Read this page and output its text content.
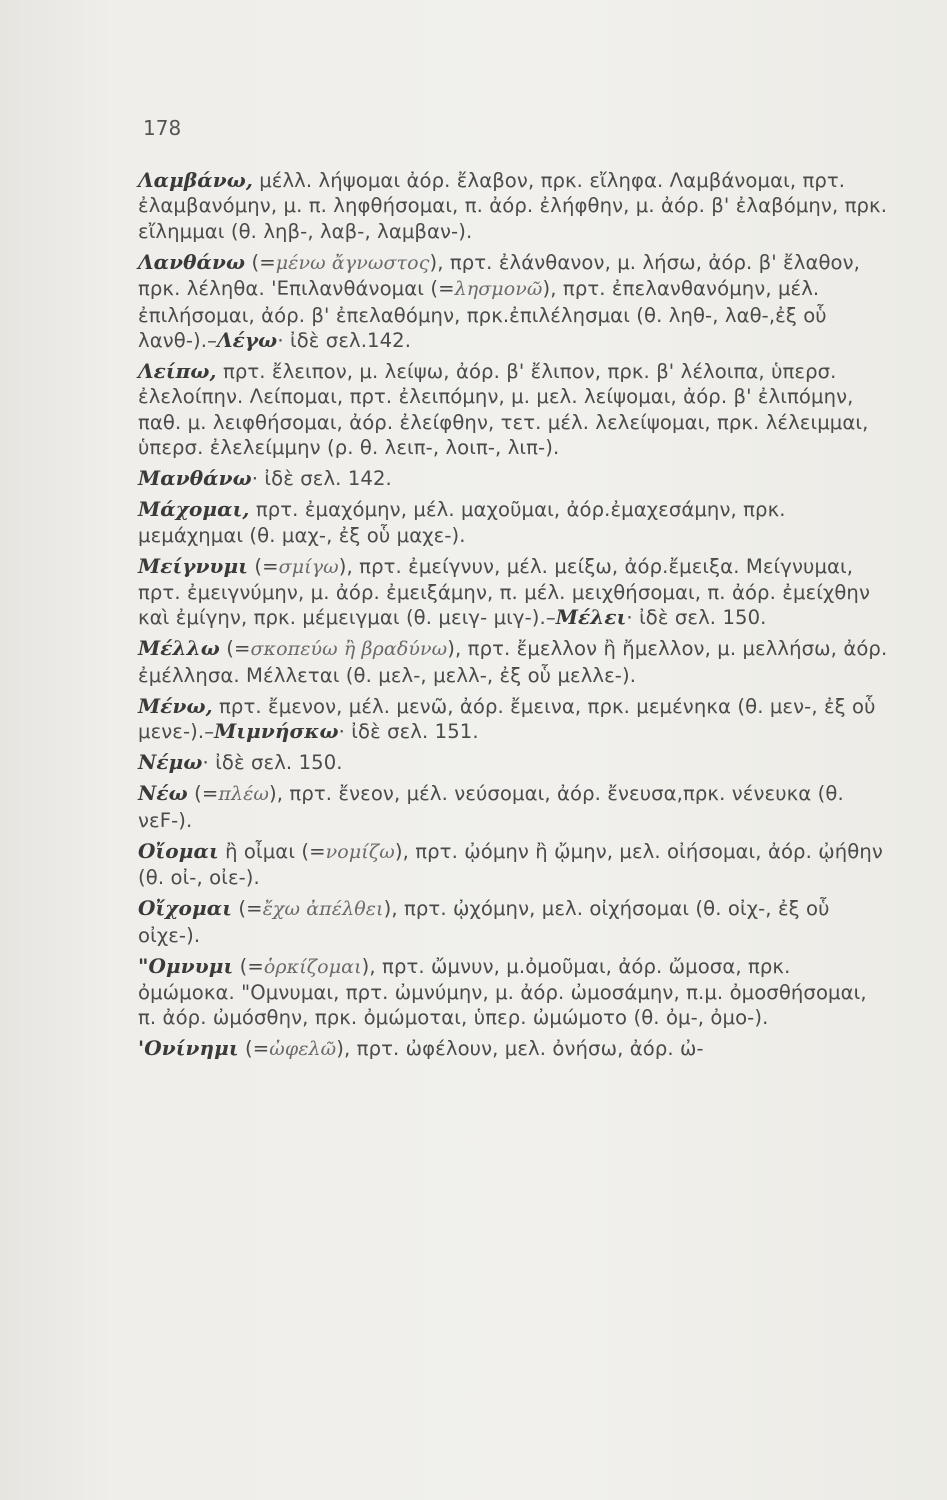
178

Λαμβάνω, μέλλ. λήψομαι ἀόρ. ἔλαβον, πρκ. εἴληφα. Λαμβάνομαι, πρτ. ἐλαμβανόμην, μ. π. ληφθήσομαι, π. ἀόρ. ἐλήφθην, μ. ἀόρ. β' ἐλαβόμην, πρκ. εἴλημμαι (θ. ληβ-, λαβ-, λαμβαν-).

Λανθάνω (=μένω ἄγνωστος), πρτ. ἐλάνθανον, μ. λήσω, ἀόρ. β' ἔλαθον, πρκ. λέληθα. 'Επιλανθάνομαι (=λησμονῶ), πρτ. ἐπελανθανόμην, μέλ. ἐπιλήσομαι, ἀόρ. β' ἐπελαθόμην, πρκ.ἐπιλέλησμαι (θ. ληθ-, λαθ-,ἐξ οὗ λανθ-).–Λέγω· ἰδὲ σελ.142.

Λείπω, πρτ. ἔλειπον, μ. λείψω, ἀόρ. β' ἔλιπον, πρκ. β' λέλοιπα, ὑπερσ. ἐλελοίπην. Λείπομαι, πρτ. ἐλειπόμην, μ. μελ. λείψομαι, ἀόρ. β' ἐλιπόμην, παθ. μ. λειφθήσομαι, ἀόρ. ἐλείφθην, τετ. μέλ. λελείψομαι, πρκ. λέλειμμαι, ὑπερσ. ἐλελείμμην (ρ. θ. λειπ-, λοιπ-, λιπ-).

Μανθάνω· ἰδὲ σελ. 142.

Μάχομαι, πρτ. ἐμαχόμην, μέλ. μαχοῦμαι, ἀόρ.ἐμαχεσάμην, πρκ. μεμάχημαι (θ. μαχ-, ἐξ οὗ μαχε-).

Μείγνυμι (=σμίγω), πρτ. ἐμείγνυν, μέλ. μείξω, ἀόρ.ἔμειξα. Μείγνυμαι, πρτ. ἐμειγνύμην, μ. ἀόρ. ἐμειξάμην, π. μέλ. μειχθήσομαι, π. ἀόρ. ἐμείχθην καὶ ἐμίγην, πρκ. μέμειγμαι (θ. μειγ- μιγ-).–Μέλει· ἰδὲ σελ. 150.

Μέλλω (=σκοπεύω ἢ βραδύνω), πρτ. ἔμελλον ἢ ἤμελλον, μ. μελλήσω, ἀόρ. ἐμέλλησα. Μέλλεται (θ. μελ-, μελλ-, ἐξ οὗ μελλε-).

Μένω, πρτ. ἔμενον, μέλ. μενῶ, ἀόρ. ἔμεινα, πρκ. μεμένηκα (θ. μεν-, ἐξ οὗ μενε-).–Μιμνήσκω· ἰδὲ σελ. 151.

Νέμω· ἰδὲ σελ. 150.

Νέω (=πλέω), πρτ. ἔνεον, μέλ. νεύσομαι, ἀόρ. ἔνευσα,πρκ. νένευκα (θ. νεϜ-).

Οἴομαι ἢ οἶμαι (=νομίζω), πρτ. ᾠόμην ἢ ᾤμην, μελ. οἰήσομαι, ἀόρ. ᾠήθην (θ. οἰ-, οἰε-).

Οἴχομαι (=ἔχω ἀπέλθει), πρτ. ᾠχόμην, μελ. οἰχήσομαι (θ. οἰχ-, ἐξ οὗ οἰχε-).

"Ομνυμι (=ὁρκίζομαι), πρτ. ὤμνυν, μ.ὀμοῦμαι, ἀόρ. ὤμοσα, πρκ. ὀμώμοκα. "Ομνυμαι, πρτ. ὠμνύμην, μ. ἀόρ. ὠμοσάμην, π.μ. ὀμοσθήσομαι, π. ἀόρ. ὠμόσθην, πρκ. ὀμώμοται, ὑπερ. ὠμώμοτο (θ. ὀμ-, ὀμο-).

'Ονίνημι (=ὠφελῶ), πρτ. ὠφέλουν, μελ. ὀνήσω, ἀόρ. ὠ-
